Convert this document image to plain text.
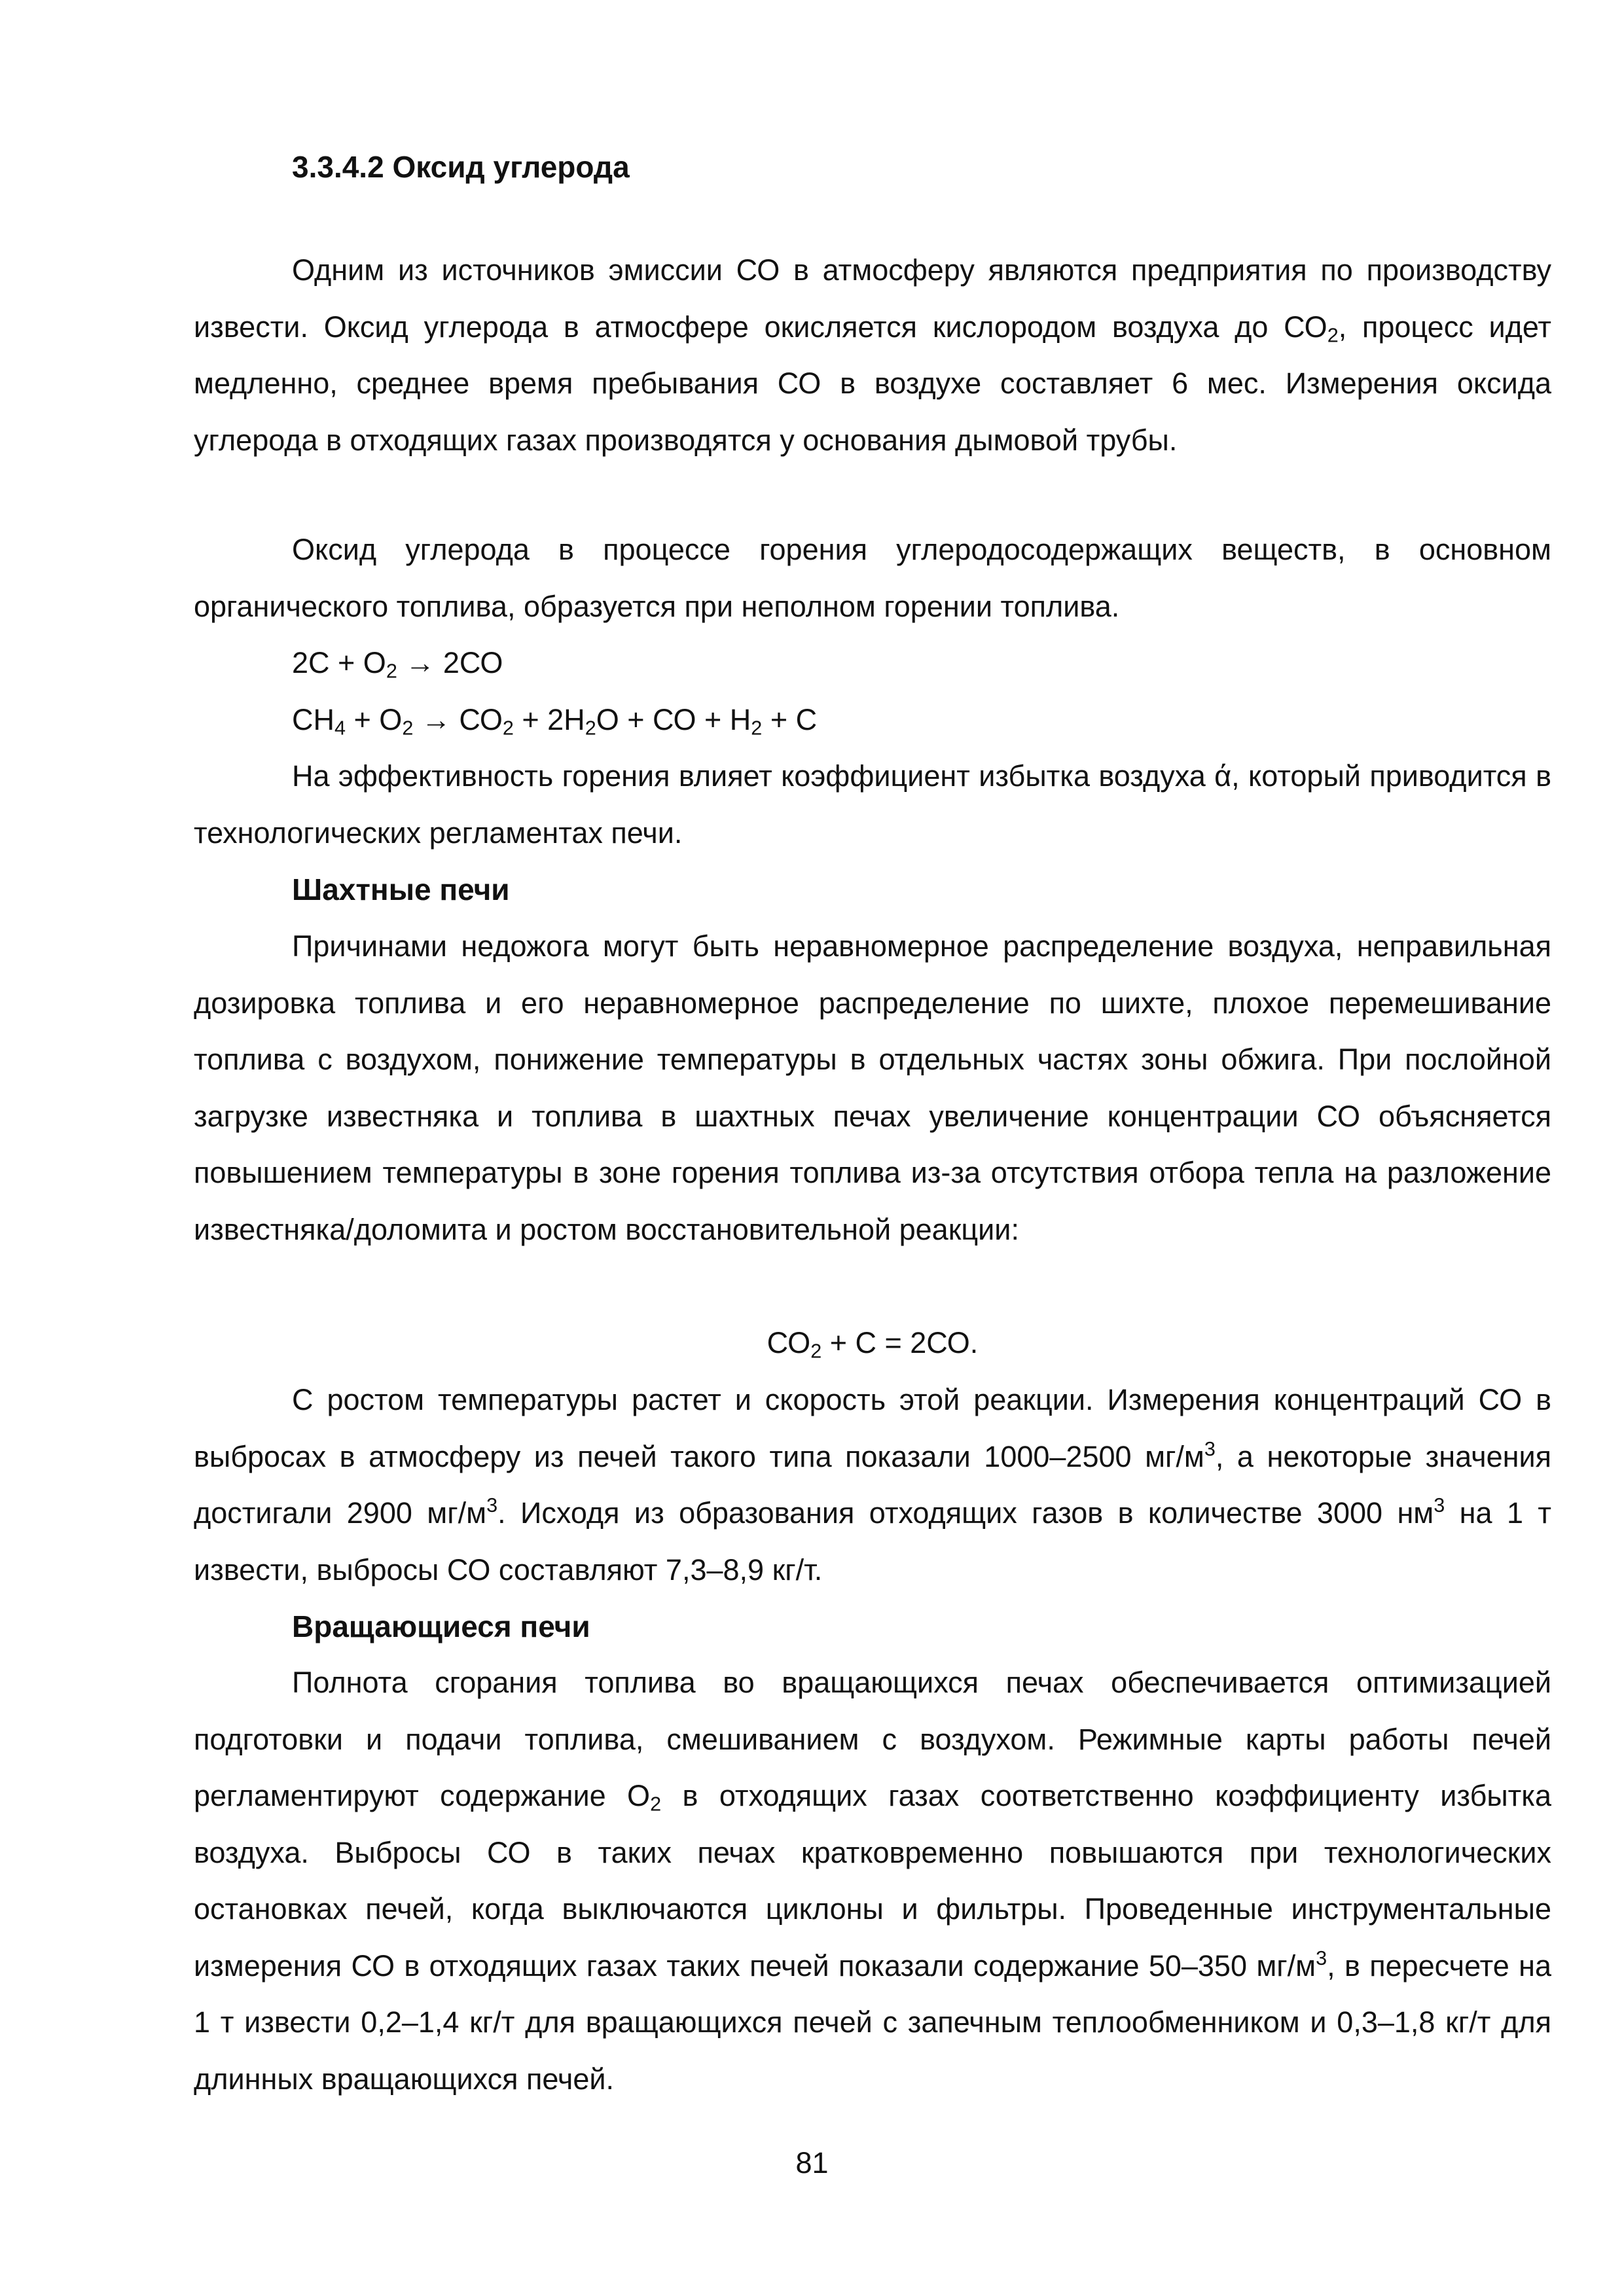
3.3.4.2 Оксид углерода

Одним из источников эмиссии СО в атмосферу являются предприятия по производству извести. Оксид углерода в атмосфере окисляется кислородом воздуха до $СО_2$, процесс идет медленно, среднее время пребывания СО в воздухе составляет 6 мес. Измерения оксида углерода в отходящих газах производятся у основания дымовой трубы.

Оксид углерода в процессе горения углеродосодержащих веществ, в основном органического топлива, образуется при неполном горении топлива.

$2С + О_2 \to 2СО$

$СН_4 + О_2 \to СО_2 + 2Н_2О$ + СО + $Н_2 + С$

На эффективность горения влияет коэффициент избытка воздуха ά, который приводится в технологических регламентах печи.

Шахтные печи

Причинами недожога могут быть неравномерное распределение воздуха, неправильная дозировка топлива и его неравномерное распределение по шихте, плохое перемешивание топлива с воздухом, понижение температуры в отдельных частях зоны обжига. При послойной загрузке известняка и топлива в шахтных печах увеличение концентрации СО объясняется повышением температуры в зоне горения топлива из-за отсутствия отбора тепла на разложение известняка/доломита и ростом восстановительной реакции:

$СО_2 + С = 2СО$.

С ростом температуры растет и скорость этой реакции. Измерения концентраций СО в выбросах в атмосферу из печей такого типа показали 1000–2500 $мг/м^3$, а некоторые значения достигали 2900 $мг/м^3$. Исходя из образования отходящих газов в количестве 3000 $нм^3$ на 1 т извести, выбросы СО составляют 7,3–8,9 кг/т.

Вращающиеся печи

Полнота сгорания топлива во вращающихся печах обеспечивается оптимизацией подготовки и подачи топлива, смешиванием с воздухом. Режимные карты работы печей регламентируют содержание $О_2$ в отходящих газах соответственно коэффициенту избытка воздуха. Выбросы СО в таких печах кратковременно повышаются при технологических остановках печей, когда выключаются циклоны и фильтры. Проведенные инструментальные измерения СО в отходящих газах таких печей показали содержание 50–350 $мг/м^3$, в пересчете на 1 т извести 0,2–1,4 кг/т для вращающихся печей с запечным теплообменником и 0,3–1,8 кг/т для длинных вращающихся печей.

81
